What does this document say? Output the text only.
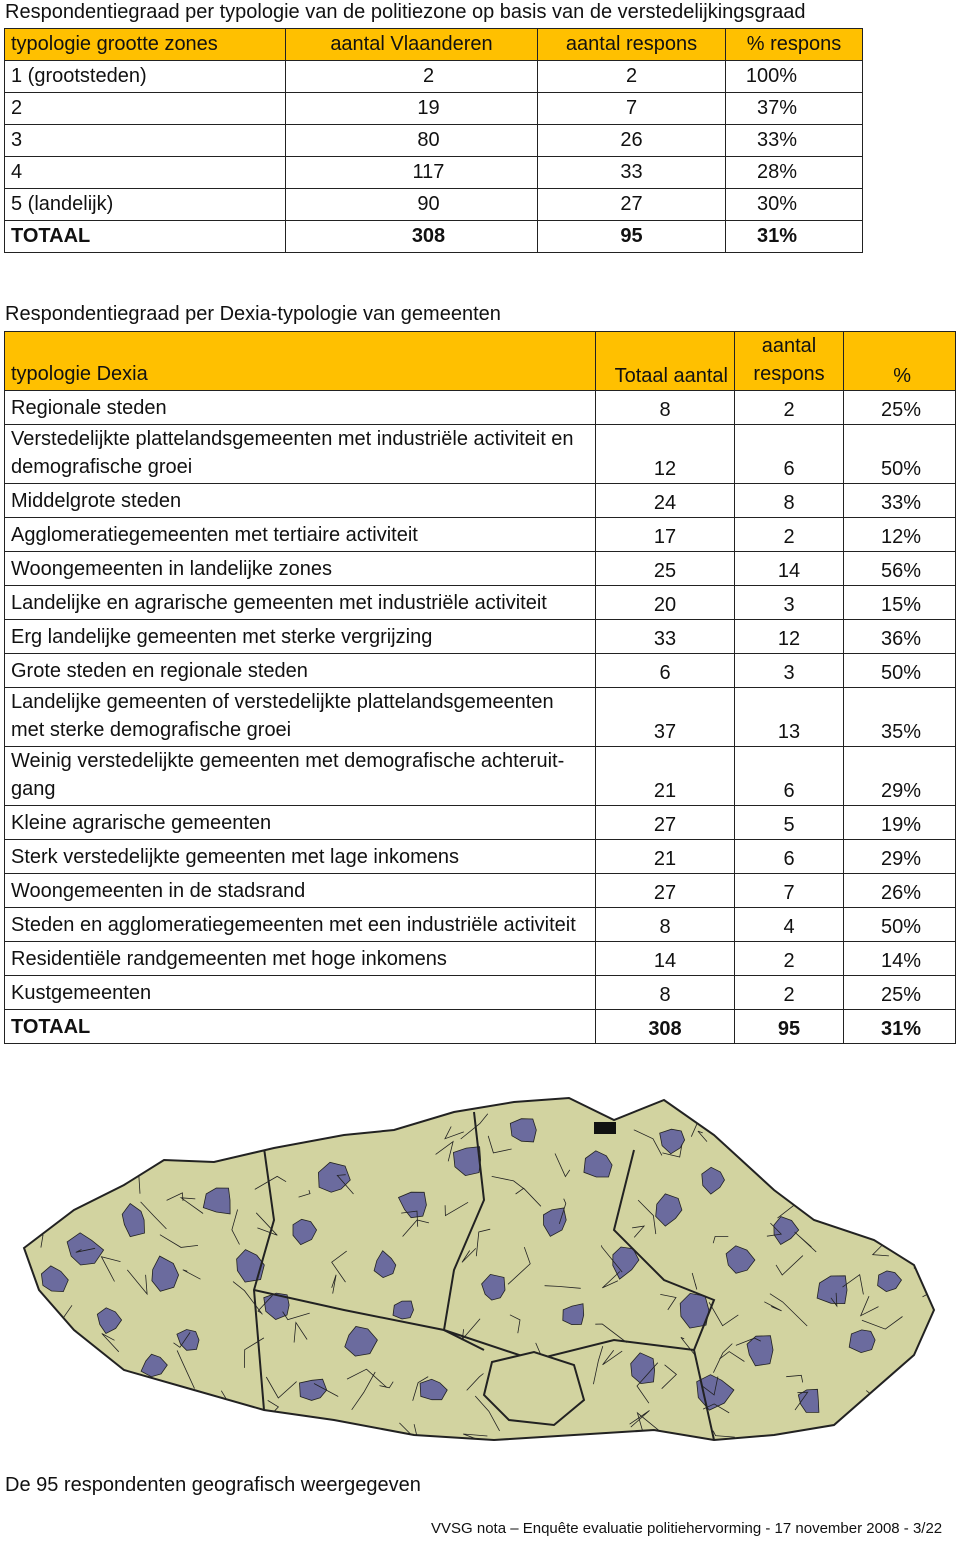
Respondentiegraad per typologie van de politiezone op basis van de verstedelijkingsgraad
typologie grootte zones	aantal Vlaanderen	aantal respons	% respons
1 (grootsteden)	2	2	100%
2	19	7	37%
3	80	26	33%
4	117	33	28%
5 (landelijk)	90	27	30%
TOTAAL	308	95	31%
Respondentiegraad per Dexia-typologie van gemeenten
typologie Dexia	Totaal aantal	aantal respons	%
Regionale steden	8	2	25%
Verstedelijkte plattelandsgemeenten met industriële activiteit en demografische groei	12	6	50%
Middelgrote steden	24	8	33%
Agglomeratiegemeenten met tertiaire activiteit	17	2	12%
Woongemeenten in landelijke zones	25	14	56%
Landelijke en agrarische gemeenten met industriële activiteit	20	3	15%
Erg landelijke gemeenten met sterke vergrijzing	33	12	36%
Grote steden en regionale steden	6	3	50%
Landelijke gemeenten of verstedelijkte plattelandsgemeenten met sterke demografische groei	37	13	35%
Weinig verstedelijkte gemeenten met demografische achteruit-gang	21	6	29%
Kleine agrarische gemeenten	27	5	19%
Sterk verstedelijkte gemeenten met lage inkomens	21	6	29%
Woongemeenten in de stadsrand	27	7	26%
Steden en agglomeratiegemeenten met een industriële activiteit	8	4	50%
Residentiële randgemeenten met hoge inkomens	14	2	14%
Kustgemeenten	8	2	25%
TOTAAL	308	95	31%
De 95 respondenten geografisch weergegeven
VVSG nota – Enquête evaluatie politiehervorming - 17 november 2008 - 3/22
